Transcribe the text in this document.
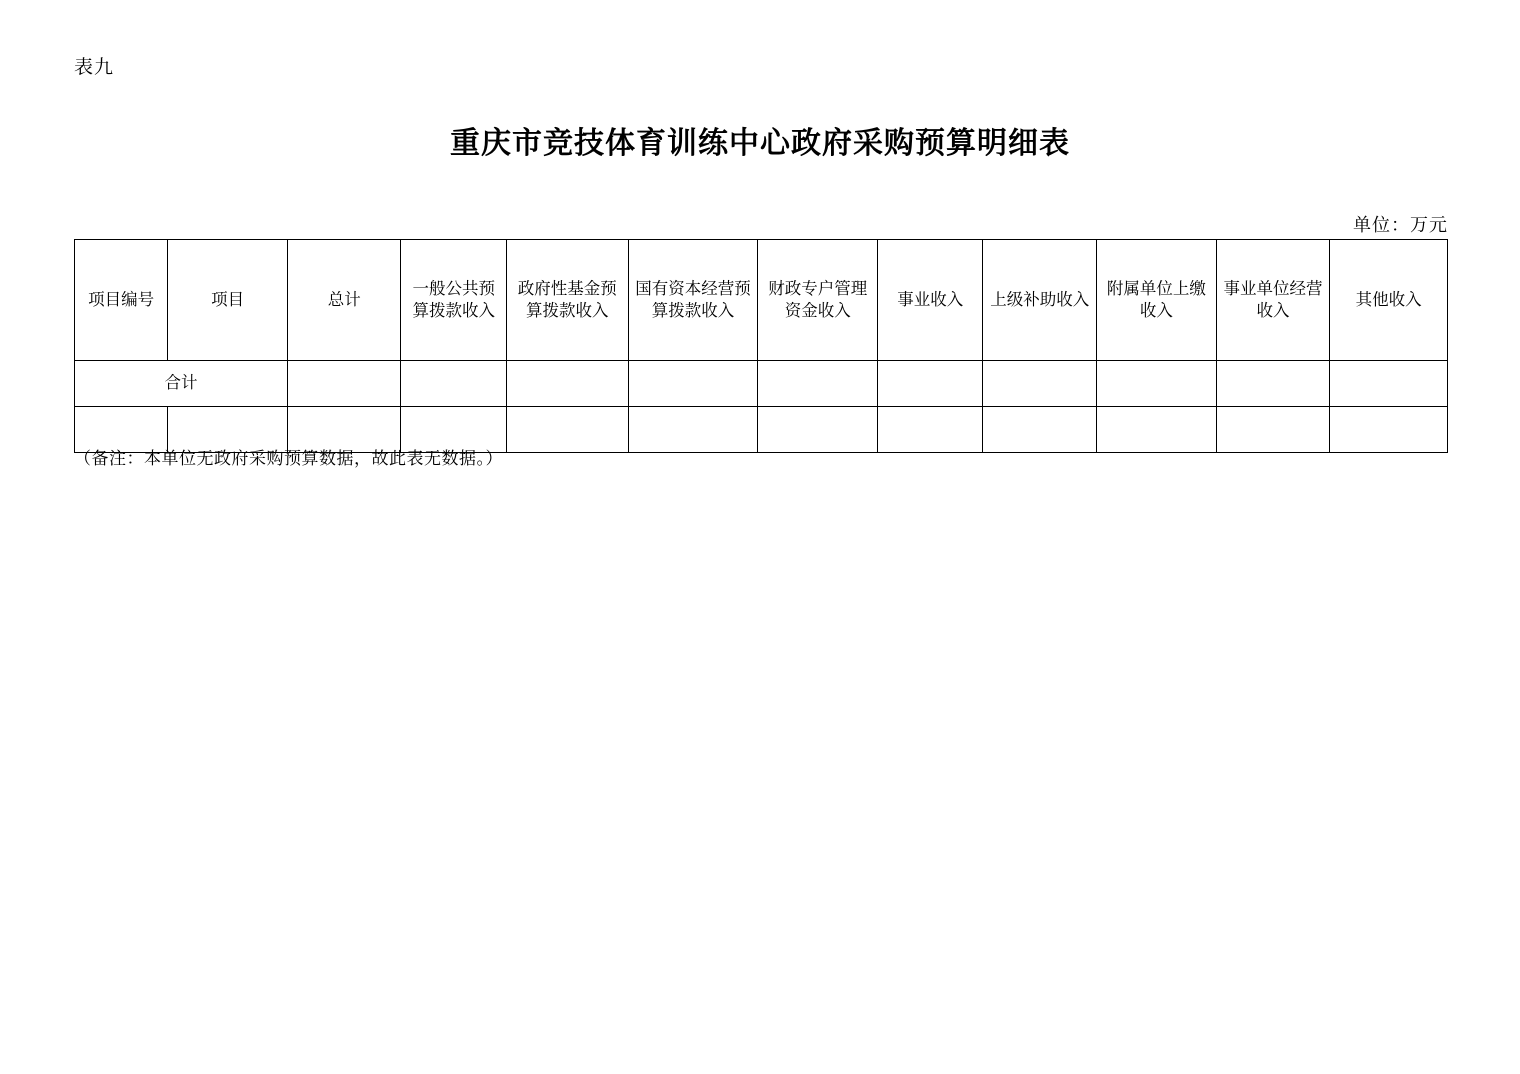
表九
重庆市竞技体育训练中心政府采购预算明细表
单位：万元
项目编号	项目	总计	一般公共预算拨款收入	政府性基金预算拨款收入	国有资本经营预算拨款收入	财政专户管理资金收入	事业收入	上级补助收入	附属单位上缴收入	事业单位经营收入	其他收入
合计											

（备注：本单位无政府采购预算数据，故此表无数据。）
